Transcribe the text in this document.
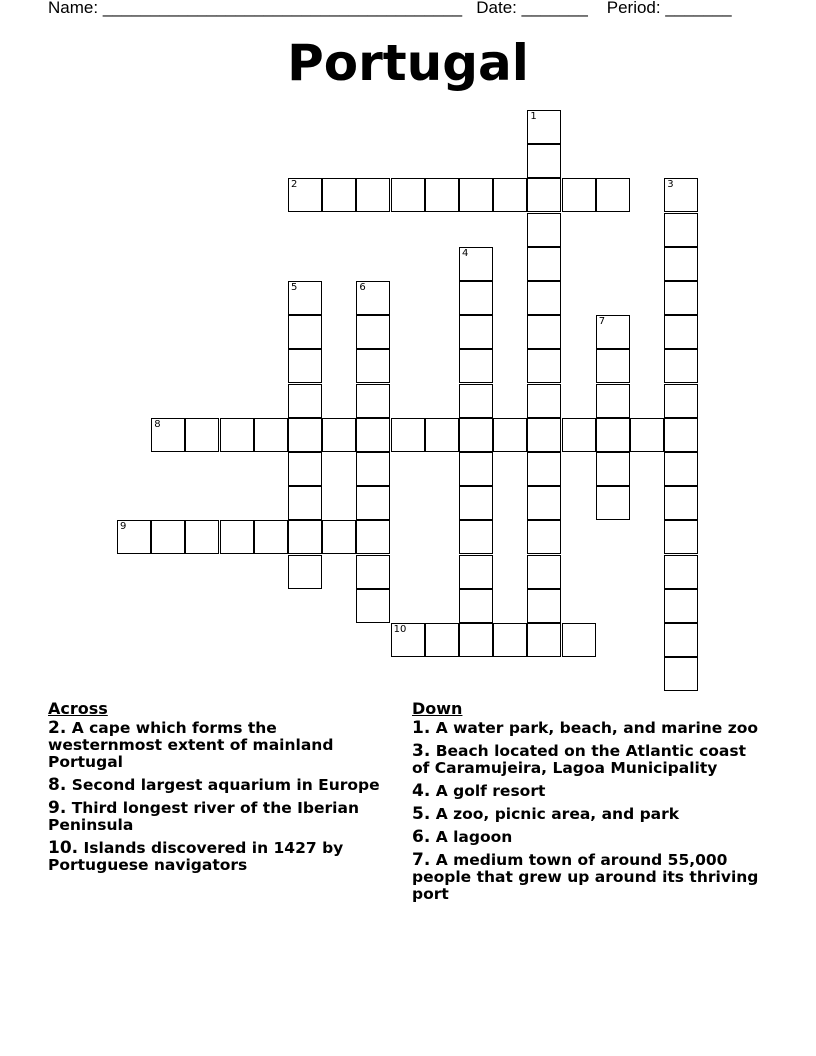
Name: ______________________________________ Date: _______ Period: _______
Portugal
1
2	3
4
5	6
7
8
9
10
Across
2. A cape which forms the westernmost extent of mainland Portugal
8. Second largest aquarium in Europe
9. Third longest river of the Iberian Peninsula
10. Islands discovered in 1427 by Portuguese navigators
Down
1. A water park, beach, and marine zoo
3. Beach located on the Atlantic coast of Caramujeira, Lagoa Municipality
4. A golf resort
5. A zoo, picnic area, and park
6. A lagoon
7. A medium town of around 55,000 people that grew up around its thriving port
